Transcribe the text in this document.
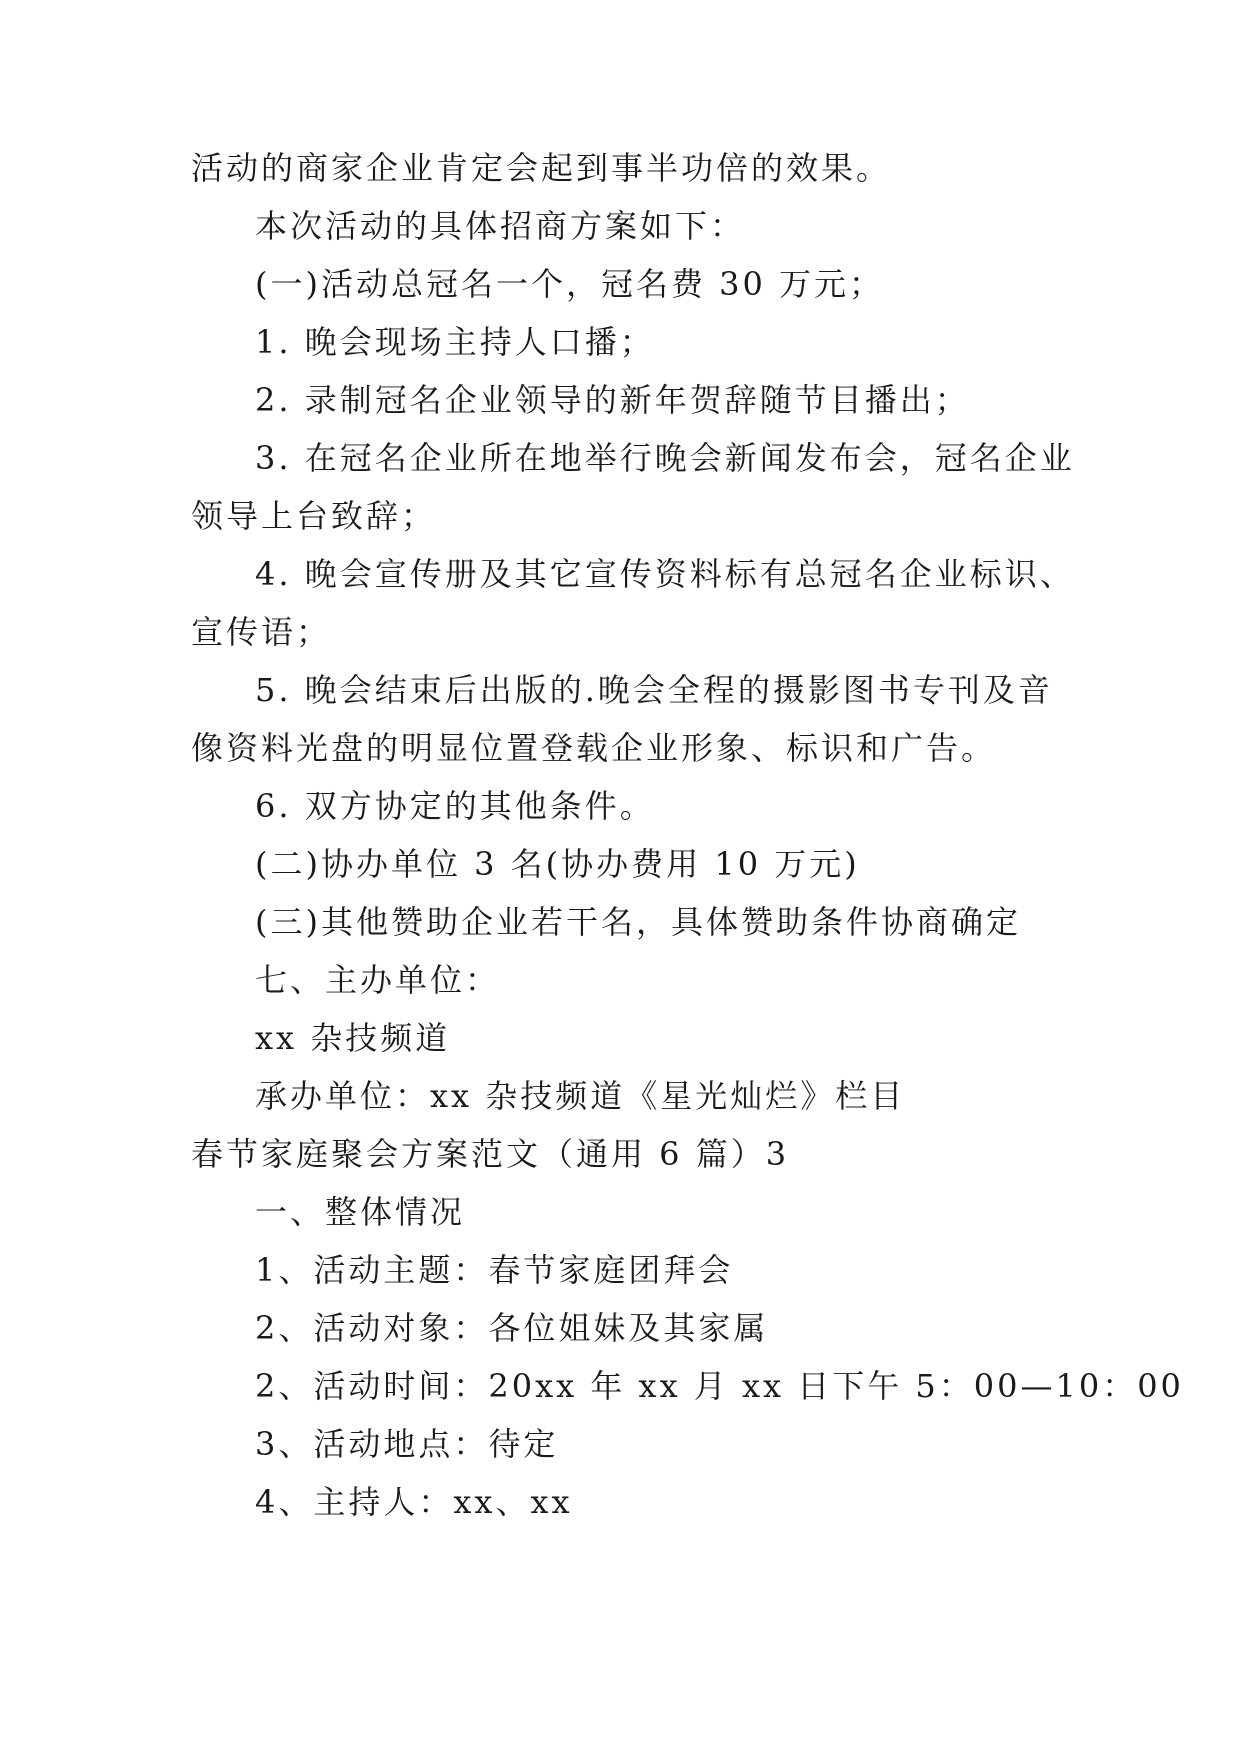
活动的商家企业肯定会起到事半功倍的效果。
本次活动的具体招商方案如下：
(一)活动总冠名一个，冠名费 30 万元；
1. 晚会现场主持人口播；
2. 录制冠名企业领导的新年贺辞随节目播出；
3. 在冠名企业所在地举行晚会新闻发布会，冠名企业
领导上台致辞；
4. 晚会宣传册及其它宣传资料标有总冠名企业标识、
宣传语；
5. 晚会结束后出版的.晚会全程的摄影图书专刊及音
像资料光盘的明显位置登载企业形象、标识和广告。
6. 双方协定的其他条件。
(二)协办单位 3 名(协办费用 10 万元)
(三)其他赞助企业若干名，具体赞助条件协商确定
七、主办单位：
xx 杂技频道
承办单位：xx 杂技频道《星光灿烂》栏目
春节家庭聚会方案范文（通用 6 篇）3
一、整体情况
1、活动主题：春节家庭团拜会
2、活动对象：各位姐妹及其家属
2、活动时间：20xx 年 xx 月 xx 日下午 5：00—10：00
3、活动地点：待定
4、主持人：xx、xx
